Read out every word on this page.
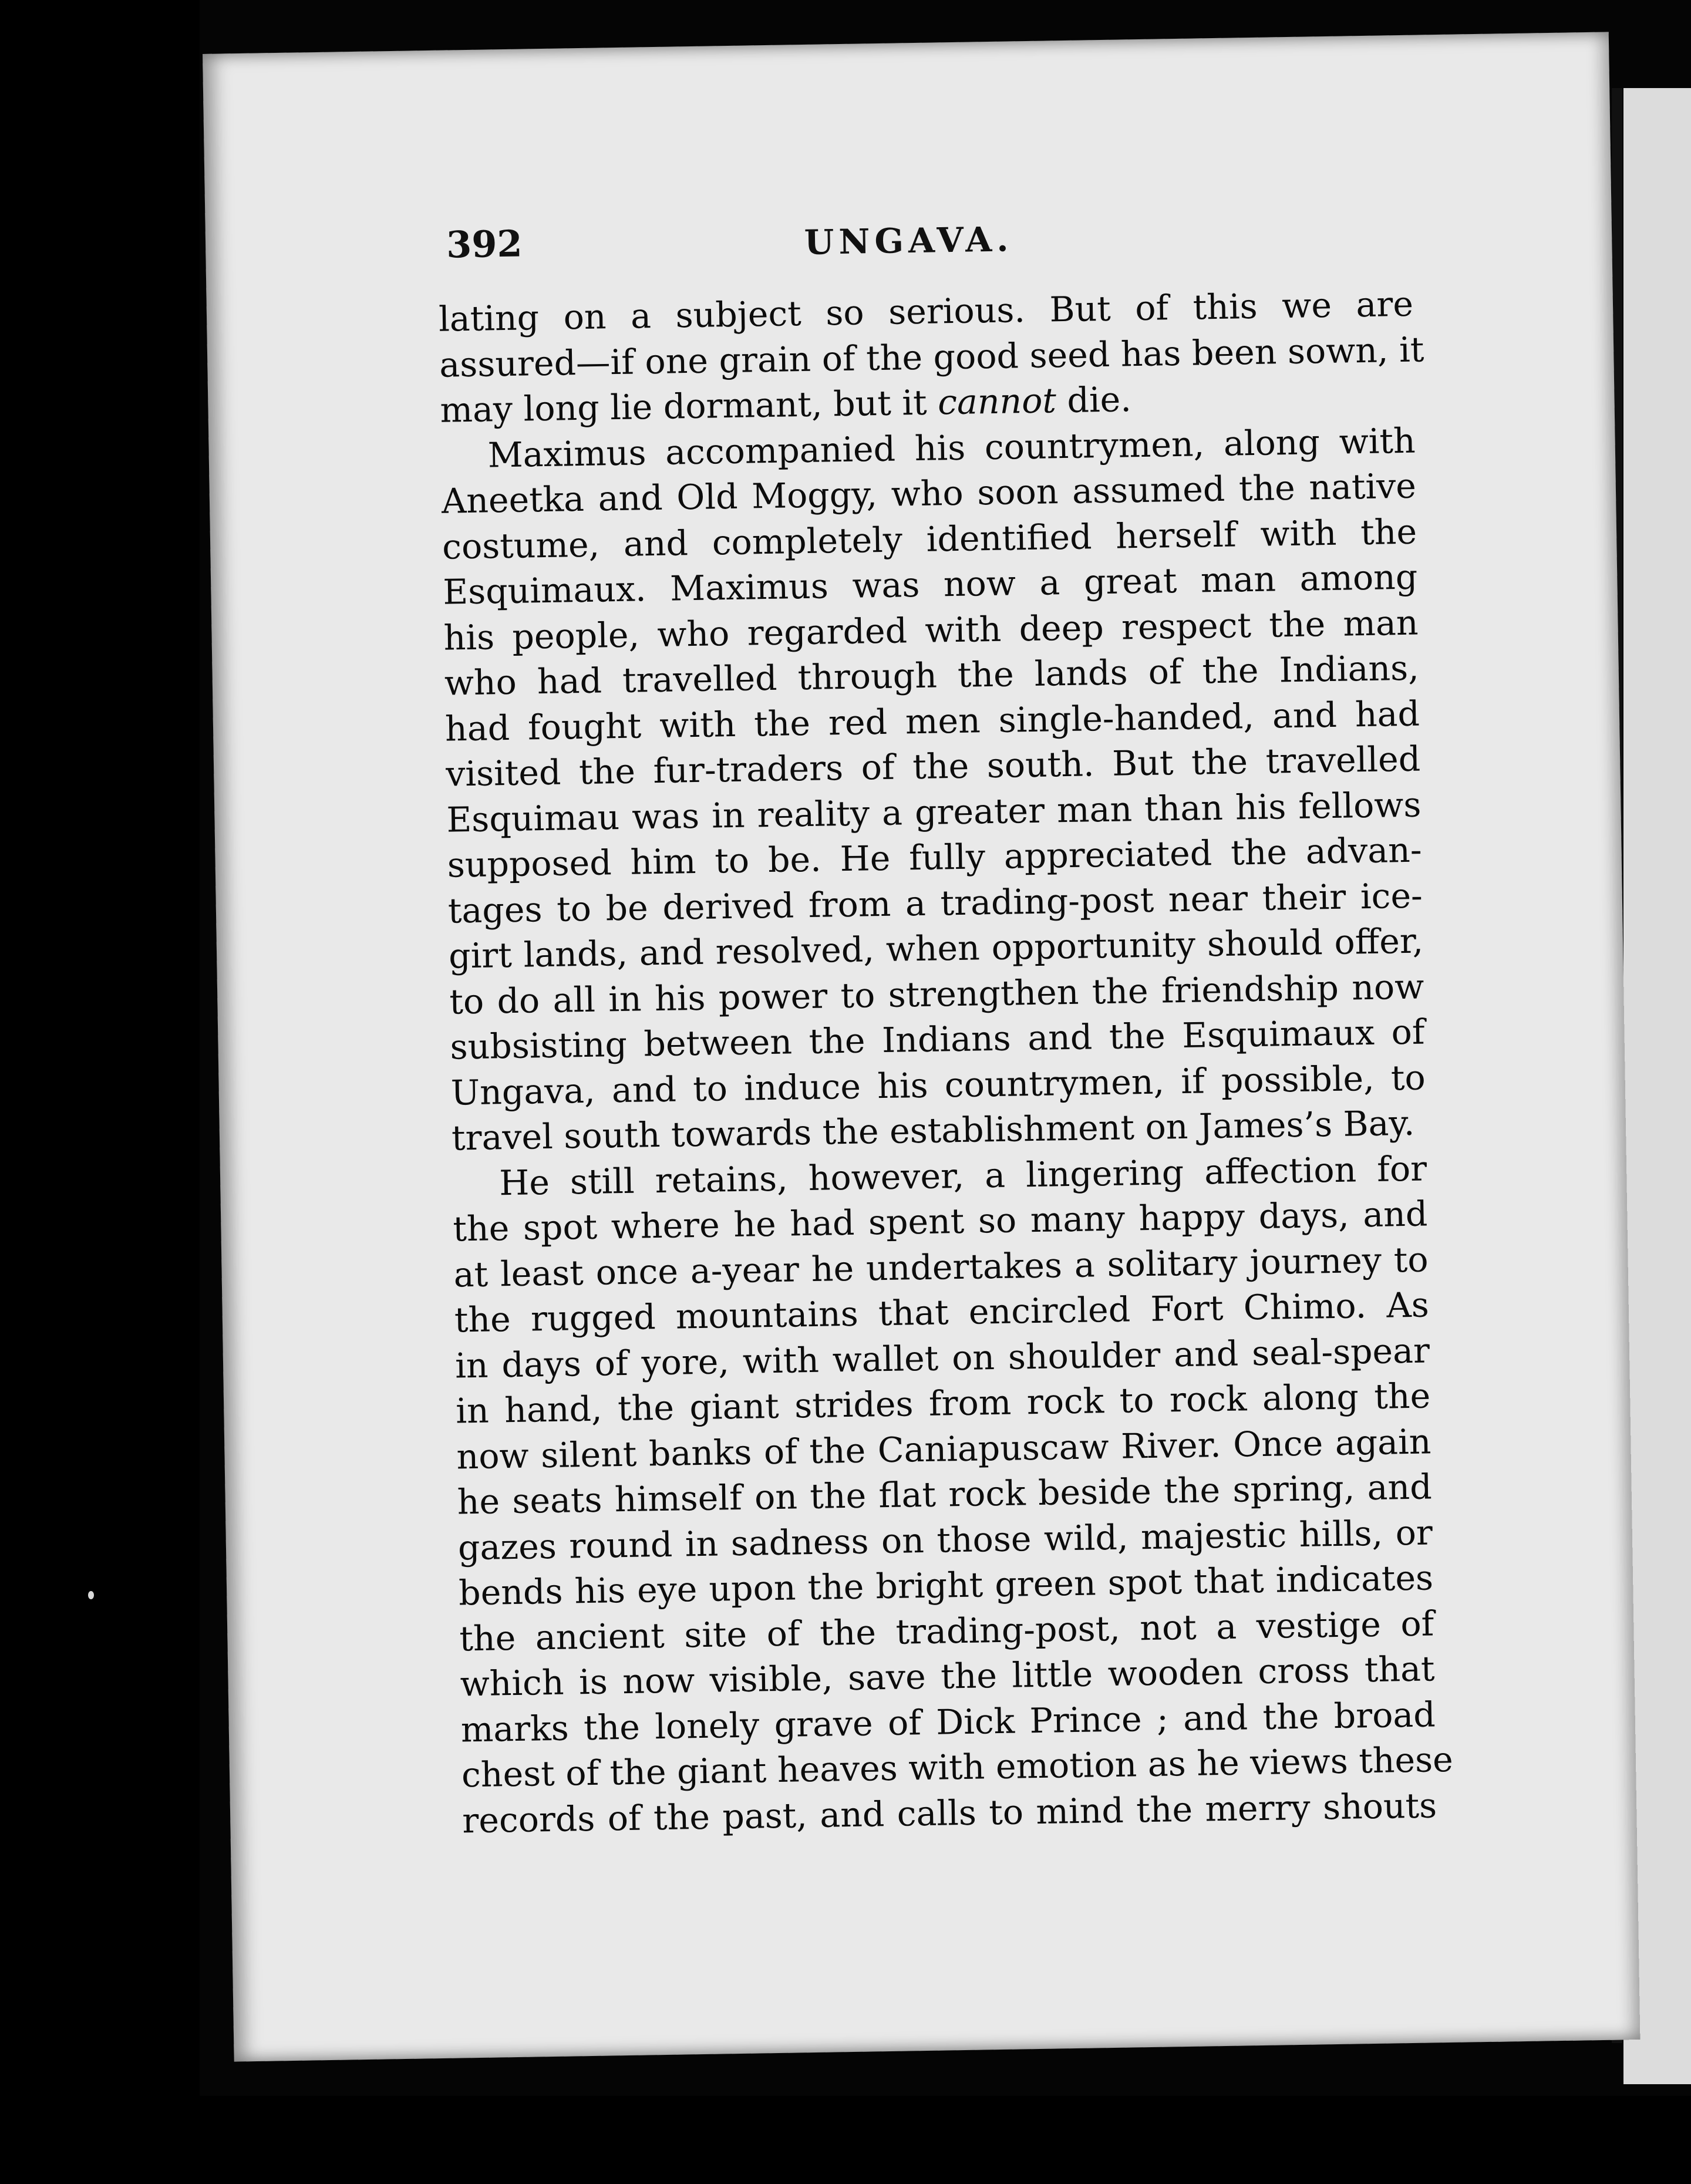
392	UNGAVA.
lating on a subject so serious. But of this we are
assured—if one grain of the good seed has been sown, it
may long lie dormant, but it cannot die.
Maximus accompanied his countrymen, along with
Aneetka and Old Moggy, who soon assumed the native
costume, and completely identified herself with the
Esquimaux. Maximus was now a great man among
his people, who regarded with deep respect the man
who had travelled through the lands of the Indians,
had fought with the red men single-handed, and had
visited the fur-traders of the south. But the travelled
Esquimau was in reality a greater man than his fellows
supposed him to be. He fully appreciated the advan-
tages to be derived from a trading-post near their ice-
girt lands, and resolved, when opportunity should offer,
to do all in his power to strengthen the friendship now
subsisting between the Indians and the Esquimaux of
Ungava, and to induce his countrymen, if possible, to
travel south towards the establishment on James’s Bay.
He still retains, however, a lingering affection for
the spot where he had spent so many happy days, and
at least once a-year he undertakes a solitary journey to
the rugged mountains that encircled Fort Chimo. As
in days of yore, with wallet on shoulder and seal-spear
in hand, the giant strides from rock to rock along the
now silent banks of the Caniapuscaw River. Once again
he seats himself on the flat rock beside the spring, and
gazes round in sadness on those wild, majestic hills, or
bends his eye upon the bright green spot that indicates
the ancient site of the trading-post, not a vestige of
which is now visible, save the little wooden cross that
marks the lonely grave of Dick Prince ; and the broad
chest of the giant heaves with emotion as he views these
records of the past, and calls to mind the merry shouts
